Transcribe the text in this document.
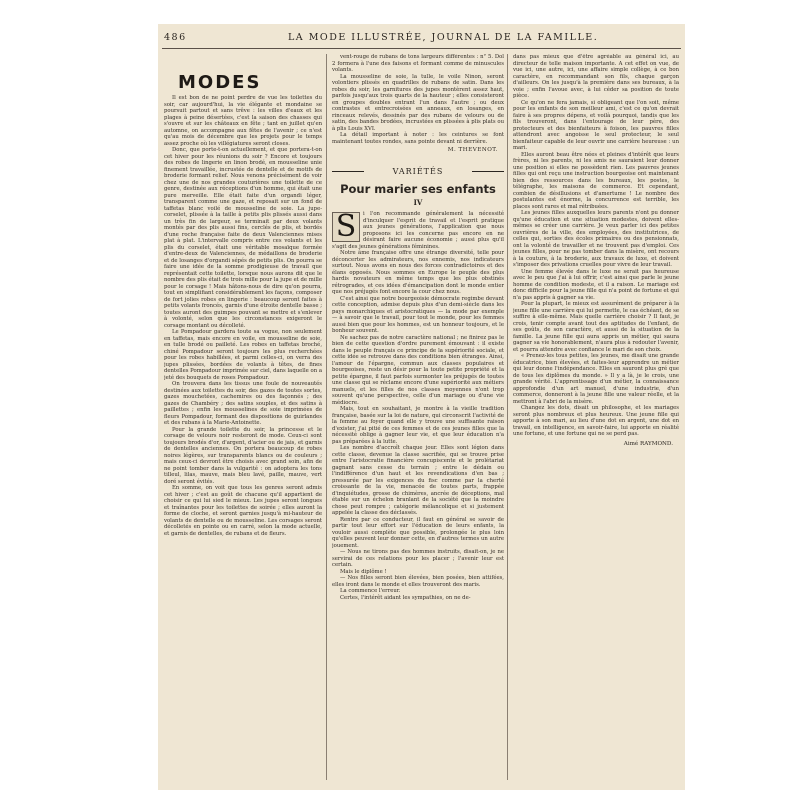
486	LA MODE ILLUSTRÉE, JOURNAL DE LA FAMILLE.
MODES

Il est bon de ne point perdre de vue les toilettes du soir, car aujourd'hui, la vie élégante et mondaine se poursuit partout et sans trêve : les villes d'eaux et les plages à peine désertées, c'est la saison des chasses qui s'ouvre et sur les châteaux en fête ; tant en juillet qu'en automne, on accompagne aux fêtes de l'avenir ; ce n'est qu'au mois de décembre que les projets pour le temps assez proche où les villégiatures seront closes.

Donc, que porte-t-on actuellement, et que portera-t-on cet hiver pour les réunions du soir ? Encore et toujours des robes de lingerie en linon brodé, en mousseline unie finement travaillée, incrustée de dentelle et de motifs de broderie formant relief. Nous venons précisément de voir chez une de nos grandes couturières une toilette de ce genre, destinée aux réceptions d'un homme, qui était une pure merveille. Elle était faite d'un organdi léger, transparent comme une gaze, et reposait sur un fond de taffetas blanc voilé de mousseline de soie. La jupe-corselet, plissée à la taille à petits plis plissés aussi dans un très fin de largeur, se terminait par deux volants montés par des plis aussi fins, cerclés de plis, et bordés d'une roche française faite de deux Valenciennes mises plat à plat. L'intervalle compris entre ces volants et les plis du corselet, était une véritable mosaïque formée d'entre-deux de Valenciennes, de médaillons de broderie et de losanges d'organdi sépés de petits plis. On pourra se faire une idée de la somme prodigieuse de travail que représentait cette toilette, lorsque nous aurons dit que le nombre des plis était de trois mille pour la jupe et de mille pour le corsage ! Mais hâtons-nous de dire qu'on pourra, tout en simplifiant considérablement les façons, composer de fort jolies robes en lingerie : beaucoup seront faites à petits volants froncés, garnis d'une étroite dentelle basse ; toutes auront des guimpes pouvant se mettre et s'enlever à volonté, selon que les circonstances exigeront le corsage montant ou décolleté.

Le Pompadour gardera toute sa vogue, non seulement en taffetas, mais encore en voile, en mousseline de soie, en tulle brodé ou pailleté. Les robes en taffetas broché, chiné Pompadour seront toujours les plus recherchées pour les robes habillées, et parmi celles-ci, on verra des jupes plissées, bordées de volants à têtes, de fines dentelles Pompadour imprimée sur ciel, dans laquelle on a jeté des bouquets de roses Pompadour.

On trouvera dans les tissus une foule de nouveautés destinées aux toilettes du soir, des gazes de toutes sortes, gazes mouchetées, cachemires ou des façonnés ; des gazes de Chambéry ; des satins souples, et des satins à paillettes ; enfin les mousselines de soie imprimées de fleurs Pompadour, formant des dispositions de guirlandes et des rubans à la Marie-Antoinette.

Pour la grande toilette du soir, la princesse et le corsage de velours noir resteront de mode. Ceux-ci sont toujours brodés d'or, d'argent, d'acier ou de jais, et garnis de dentelles anciennes. On portera beaucoup de robes noires légères, sur transparents blancs ou de couleurs ; mais ceux-ci devront être choisis avec grand soin, afin de ne point tomber dans la vulgarité : on adoptera les tons tilleul, lilas, mauve, mais bleu lavé, paille, mauve, vert doré seront évités.

En somme, on voit que tous les genres seront admis cet hiver ; c'est au goût de chacune qu'il appartient de choisir ce qui lui sied le mieux. Les jupes seront longues et traînantes pour les toilettes de soirée ; elles auront la forme de cloche, et seront garnies jusqu'à mi-hauteur de volants de dentelle ou de mousseline. Les corsages seront décolletés en pointe ou en carré, selon la mode actuelle, et garnis de dentelles, de rubans et de fleurs.

vent-rouge de rubans de tons largeurs différentes : n° 5. Dol 2 formera à l'une des faisons et formant comme de minuscules volants.

La mousseline de soie, la tulle, le voile Ninon, seront volontiers plissés en quadrilles de rubans de satin. Dans les robes du soir, les garnitures des jupes montèrent assez haut, parfois jusqu'aux trois quarts de la hauteur ; elles consisteront en groupes doubles entrant l'un dans l'autre ; ou deux contrastes et entrecroisées en anneaux, en losanges, en rinceaux relevés, dessinés par des rubans de velours ou de satin, des bandes brodées, incrustées en plissées à plis plats ou à plis Louis XVI.

La détail important à noter : les ceintures se font maintenant toutes rondes, sans pointe devant ni derrière.

M. THEVENOT.
VARIÉTÉS
Pour marier ses enfants
IV
S	i l'on recommande généralement la nécessité d'inculquer l'esprit de travail et l'esprit pratique aux jeunes générations, l'application que nous proposons ici les concerne pas encore en ne désirant faire aucune économie ; aussi plus qu'il s'agit des jeunes générations féminines.

Notre âme française offre une étrange diversité, telle pour déconcerter les admirateurs, nos ennemis, nos indicateurs surtout. Nous avons en nous des forces contradictoires et des élans opposés. Nous sommes en Europe le peuple des plus hardis novateurs en même temps que les plus obstinés rétrogrades, et ces idées d'émancipation dont le monde entier que nos préjugés font encore la cour chez nous.

C'est ainsi que notre bourgeoisie démocrate regimbe devant cette conception, admise depuis plus d'un demi-siècle dans les pays monarchiques et aristocratiques — la mode par exemple — à savoir que le travail, pour tout le monde, pour les femmes aussi bien que pour les hommes, est un honneur toujours, et le bonheur souvent.

Ne sachez pas de notre caractère national ; ne finirez pas le bien de cette question d'ordre purement émouvant : il existe dans le peuple français ce principe de la supériorité sociale, et cette idée se retrouve dans des conditions bien étranges. Ainsi, l'amour de l'épargne, commun aux classes populaires et bourgeoises, reste un désir pour la toute petite propriété et la petite épargne, il faut parfois surmonter les préjugés de toutes une classe qui se réclame encore d'une supériorité aux métiers manuels, et les filles de nos classes moyennes n'ont trop souvent qu'une perspective, celle d'un mariage ou d'une vie médiocre.

Mais, tout en souhaitant, je montre à la vieille tradition française, basée sur la loi de nature, qui circonscrit l'activité de la femme au foyer quand elle y trouve une suffisante raison d'exister, j'ai pitié de ces femmes et de ces jeunes filles que la nécessité oblige à gagner leur vie, et que leur éducation n'a pas préparées à la lutte.

Les nombre d'accroît chaque jour. Elles sont légion dans cette classe, devenue la classe sacrifiée, qui se trouve prise entre l'aristocratie financière concupiscente et le prolétariat gagnant sans cesse du terrain ; entre le dédain ou l'indifférence d'un haut et les revendications d'en bas ; pressurée par les exigences du fisc comme par la cherté croissante de la vie, menacée de toutes parts, frappée d'inquiétudes, grosse de chimères, ancrée de déceptions, mal étable sur un échelon branlant de la société que la moindre chose peut rompre ; catégorie mélancolique et si justement appelée la classe des déclassés.

Rentre par ce conducteur, il faut en général se savoir de partir tout leur effort sur l'éducation de leurs enfants, la vouloir aussi complète que possible, prolongée le plus loin qu'elles peuvent leur donner cette, en d'autres termes un autre jouement.

— Nous ne tirons pas des hommes instruits, disait-on, je ne servirai de ces relations pour les placer ; l'avenir leur est certain.

Mais le diplôme !

— Nos filles seront bien élevées, bien posées, bien attifées, elles iront dans le monde et elles trouveront des maris.

La commence l'erreur.

Certes, l'intérêt aidant les sympathies, on ne de-

dans pas mieux que d'être agréable au général ici, au directeur de telle maison importante. A cet effet on vue, de vue ici, une autre, ici, une affaire simple collège, à ce bon caractère, en recommandant son fils, chaque garçon d'ailleurs. On les jusqu'à la première dans ses bureaux, à la voie ; enfin l'avoue avec, à lui céder sa position de toute pièce.

Ce qu'on ne fera jamais, si obligeant que l'on soit, même pour les enfants de son meilleur ami, c'est ce qu'on devrait faire à ses propres dépens, et voilà pourquoi, tandis que les fils trouveront, dans l'entourage de leur père, des protecteurs et des bienfaiteurs à foison, les pauvres filles attendront avec angoisse le seul protecteur, le seul bienfaiteur capable de leur ouvrir une carrière heureuse : un mari.

Elles auront beau être nées et pleines d'intérêt que leurs frères, ni les parents, ni les amis ne sauraient leur donner une position si elles ne possèdent rien. Les pauvres jeunes filles qui ont reçu une instruction bourgeoise ont maintenant bien des ressources dans les bureaux, les postes, le télégraphe, les maisons de commerce. Et cependant, combien de désillusions et d'amertume ! Le nombre des postulantes est énorme, la concurrence est terrible, les places sont rares et mal rétribuées.

Les jeunes filles auxquelles leurs parents n'ont pu donner qu'une éducation et une situation modestes, doivent elles-mêmes se créer une carrière. Je veux parler ici des petites ouvrières de la ville, des employées, des institutrices, de celles qui, sorties des écoles primaires ou des pensionnats, ont la volonté de travailler et ne trouvent pas d'emploi. Ces jeunes filles, pour ne pas tomber dans la misère, ont recours à la couture, à la broderie, aux travaux de luxe, et doivent s'imposer des privations cruelles pour vivre de leur travail.

Une femme élevée dans le luxe ne serait pas heureuse avec le peu que j'ai à lui offrir, c'est ainsi que parle le jeune homme de condition modeste, et il a raison. Le mariage est donc difficile pour la jeune fille qui n'a point de fortune et qui n'a pas appris à gagner sa vie.

Pour la plupart, le mieux est assurément de préparer à la jeune fille une carrière qui lui permette, le cas échéant, de se suffire à elle-même. Mais quelle carrière choisir ? Il faut, je crois, tenir compte avant tout des aptitudes de l'enfant, de ses goûts, de son caractère, et aussi de la situation de la famille. La jeune fille qui aura appris un métier, qui saura gagner sa vie honorablement, n'aura plus à redouter l'avenir, et pourra attendre avec confiance le mari de son choix.

« Prenez-les tous petites, les jeunes, me disait une grande éducatrice, bien élevées, et faites-leur apprendre un métier qui leur donne l'indépendance. Elles en sauront plus gré que de tous les diplômes du monde. » Il y a là, je le crois, une grande vérité. L'apprentissage d'un métier, la connaissance approfondie d'un art manuel, d'une industrie, d'un commerce, donneront à la jeune fille une valeur réelle, et la mettront à l'abri de la misère.

Changez les dots, disait un philosophe, et les mariages seront plus nombreux et plus heureux. Une jeune fille qui apporte à son mari, au lieu d'une dot en argent, une dot en travail, en intelligence, en savoir-faire, lui apporte en réalité une fortune, et une fortune qui ne se perd pas.

Aimé RAYMOND.
